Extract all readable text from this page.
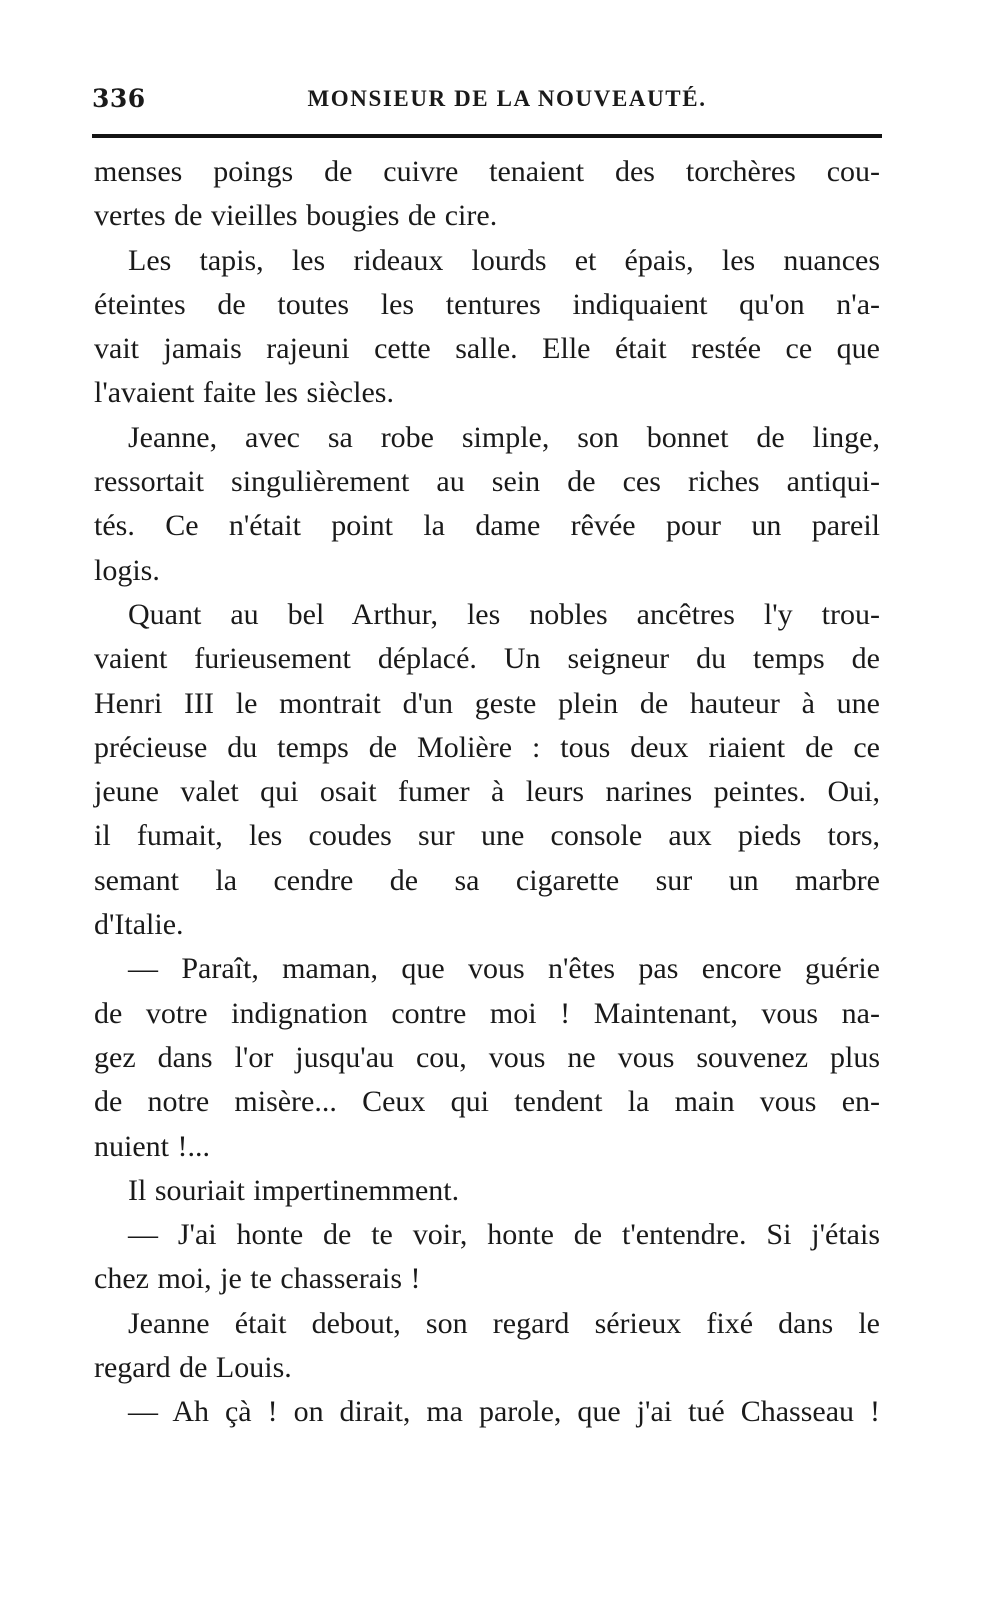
336	MONSIEUR DE LA NOUVEAUTÉ.
menses poings de cuivre tenaient des torchères cou-
vertes de vieilles bougies de cire.
Les tapis, les rideaux lourds et épais, les nuances
éteintes de toutes les tentures indiquaient qu'on n'a-
vait jamais rajeuni cette salle. Elle était restée ce que
l'avaient faite les siècles.
Jeanne, avec sa robe simple, son bonnet de linge,
ressortait singulièrement au sein de ces riches antiqui-
tés. Ce n'était point la dame rêvée pour un pareil
logis.
Quant au bel Arthur, les nobles ancêtres l'y trou-
vaient furieusement déplacé. Un seigneur du temps de
Henri III le montrait d'un geste plein de hauteur à une
précieuse du temps de Molière : tous deux riaient de ce
jeune valet qui osait fumer à leurs narines peintes. Oui,
il fumait, les coudes sur une console aux pieds tors,
semant la cendre de sa cigarette sur un marbre
d'Italie.
— Paraît, maman, que vous n'êtes pas encore guérie
de votre indignation contre moi ! Maintenant, vous na-
gez dans l'or jusqu'au cou, vous ne vous souvenez plus
de notre misère... Ceux qui tendent la main vous en-
nuient !...
Il souriait impertinemment.
— J'ai honte de te voir, honte de t'entendre. Si j'étais
chez moi, je te chasserais !
Jeanne était debout, son regard sérieux fixé dans le
regard de Louis.
— Ah çà ! on dirait, ma parole, que j'ai tué Chasseau !
